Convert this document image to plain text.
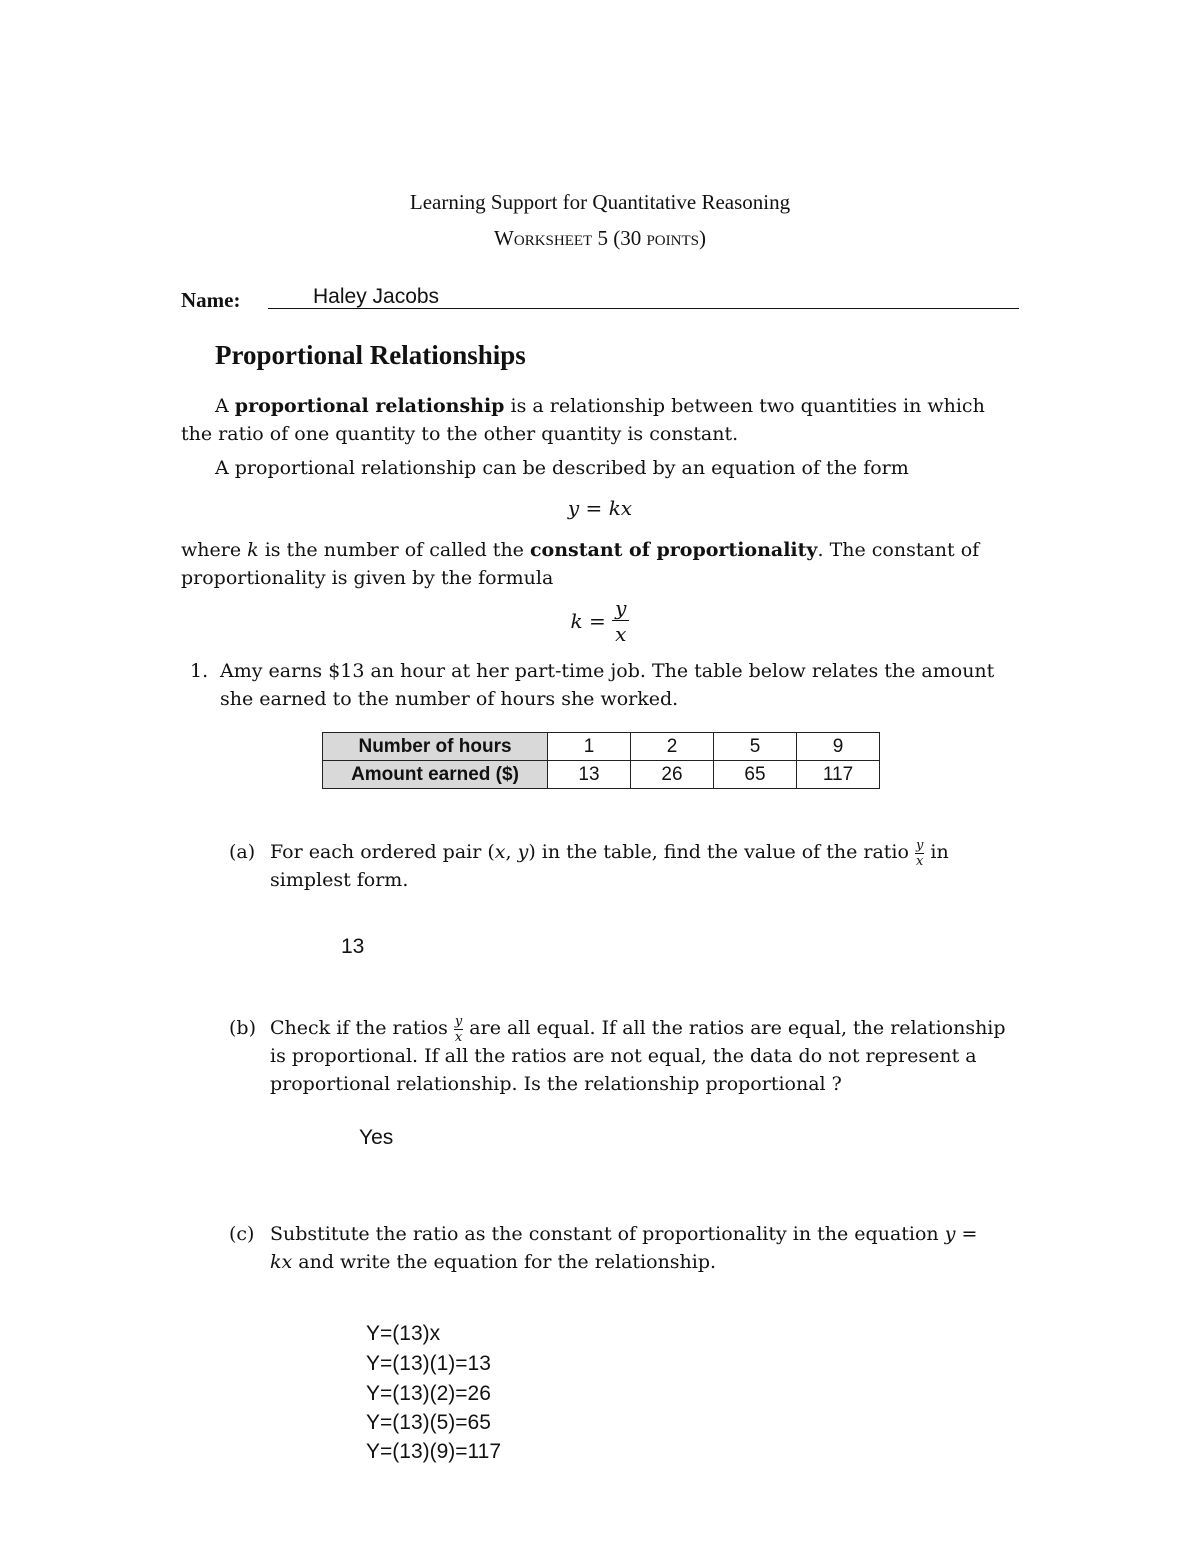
Learning Support for Quantitative Reasoning
Worksheet 5 (30 points)
Name:	Haley Jacobs
Proportional Relationships
A proportional relationship is a relationship between two quantities in which
the ratio of one quantity to the other quantity is constant.
A proportional relationship can be described by an equation of the form
y = kx
where k is the number of called the constant of proportionality. The constant of
proportionality is given by the formula
$k = \frac{y}{x}$
1. Amy earns $13 an hour at her part-time job. The table below relates the amount
she earned to the number of hours she worked.
Number of hours	1	2	5	9
Amount earned ($)	13	26	65	117
(a) For each ordered pair (x, y) in the table, find the value of the ratio $\frac{y}{x}$ in
simplest form.
13
(b) Check if the ratios $\frac{y}{x}$ are all equal. If all the ratios are equal, the relationship
is proportional. If all the ratios are not equal, the data do not represent a
proportional relationship. Is the relationship proportional ?
Yes
(c) Substitute the ratio as the constant of proportionality in the equation y =
kx and write the equation for the relationship.
Y=(13)x
Y=(13)(1)=13
Y=(13)(2)=26
Y=(13)(5)=65
Y=(13)(9)=117
